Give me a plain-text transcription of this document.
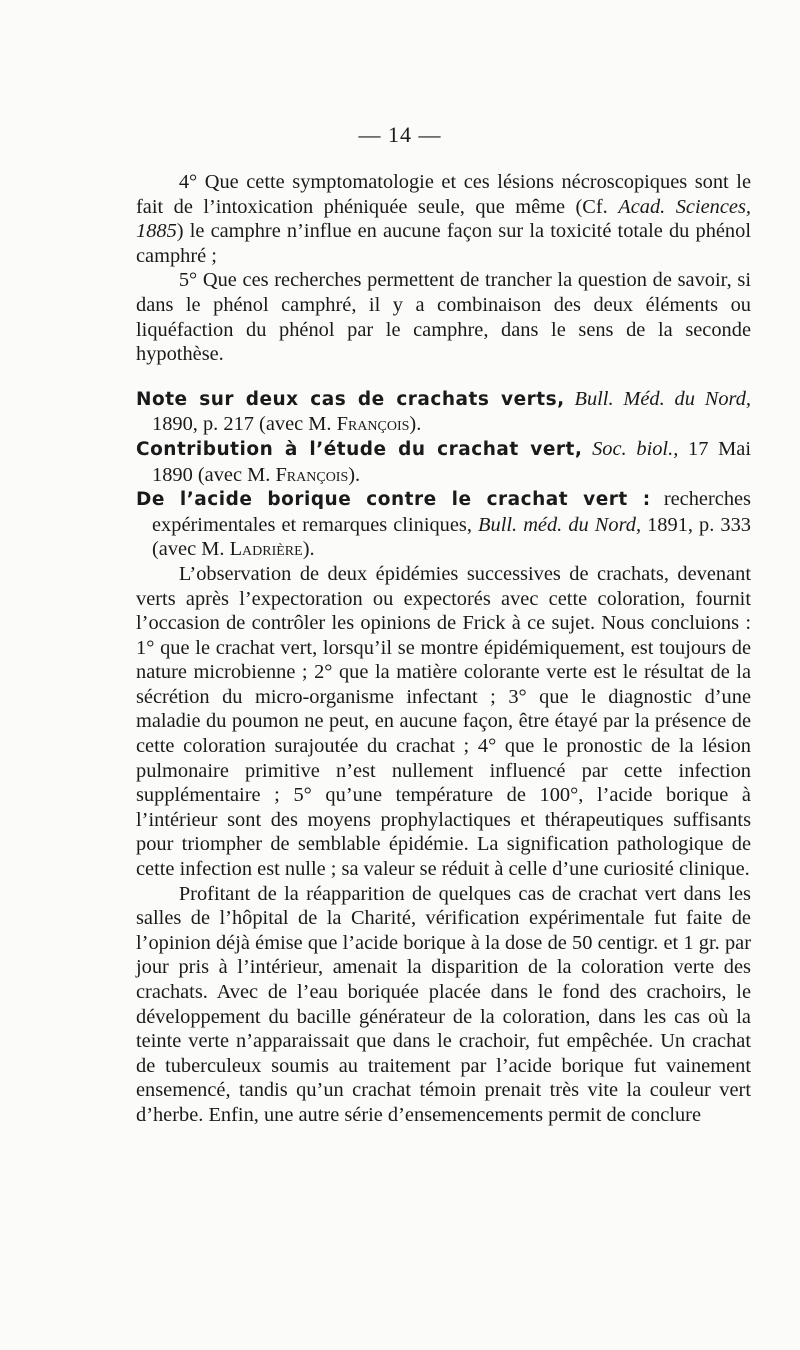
— 14 —

4° Que cette symptomatologie et ces lésions nécroscopiques sont le fait de l’intoxication phéniquée seule, que même (Cf. Acad. Sciences, 1885) le camphre n’influe en aucune façon sur la toxicité totale du phénol camphré ;

5° Que ces recherches permettent de trancher la question de savoir, si dans le phénol camphré, il y a combinaison des deux éléments ou liquéfaction du phénol par le camphre, dans le sens de la seconde hypothèse.

Note sur deux cas de crachats verts, Bull. Méd. du Nord, 1890, p. 217 (avec M. François).

Contribution à l’étude du crachat vert, Soc. biol., 17 Mai 1890 (avec M. François).

De l’acide borique contre le crachat vert : recherches expérimentales et remarques cliniques, Bull. méd. du Nord, 1891, p. 333 (avec M. Ladrière).

L’observation de deux épidémies successives de crachats, devenant verts après l’expectoration ou expectorés avec cette coloration, fournit l’occasion de contrôler les opinions de Frick à ce sujet. Nous concluions : 1° que le crachat vert, lorsqu’il se montre épidémiquement, est toujours de nature microbienne ; 2° que la matière colorante verte est le résultat de la sécrétion du micro-organisme infectant ; 3° que le diagnostic d’une maladie du poumon ne peut, en aucune façon, être étayé par la présence de cette coloration surajoutée du crachat ; 4° que le pronostic de la lésion pulmonaire primitive n’est nullement influencé par cette infection supplémentaire ; 5° qu’une température de 100°, l’acide borique à l’intérieur sont des moyens prophylactiques et thérapeutiques suffisants pour triompher de semblable épidémie. La signification pathologique de cette infection est nulle ; sa valeur se réduit à celle d’une curiosité clinique.

Profitant de la réapparition de quelques cas de crachat vert dans les salles de l’hôpital de la Charité, vérification expérimentale fut faite de l’opinion déjà émise que l’acide borique à la dose de 50 centigr. et 1 gr. par jour pris à l’intérieur, amenait la disparition de la coloration verte des crachats. Avec de l’eau boriquée placée dans le fond des crachoirs, le développement du bacille générateur de la coloration, dans les cas où la teinte verte n’apparaissait que dans le crachoir, fut empêchée. Un crachat de tuberculeux soumis au traitement par l’acide borique fut vainement ensemencé, tandis qu’un crachat témoin prenait très vite la couleur vert d’herbe. Enfin, une autre série d’ensemencements permit de conclure
